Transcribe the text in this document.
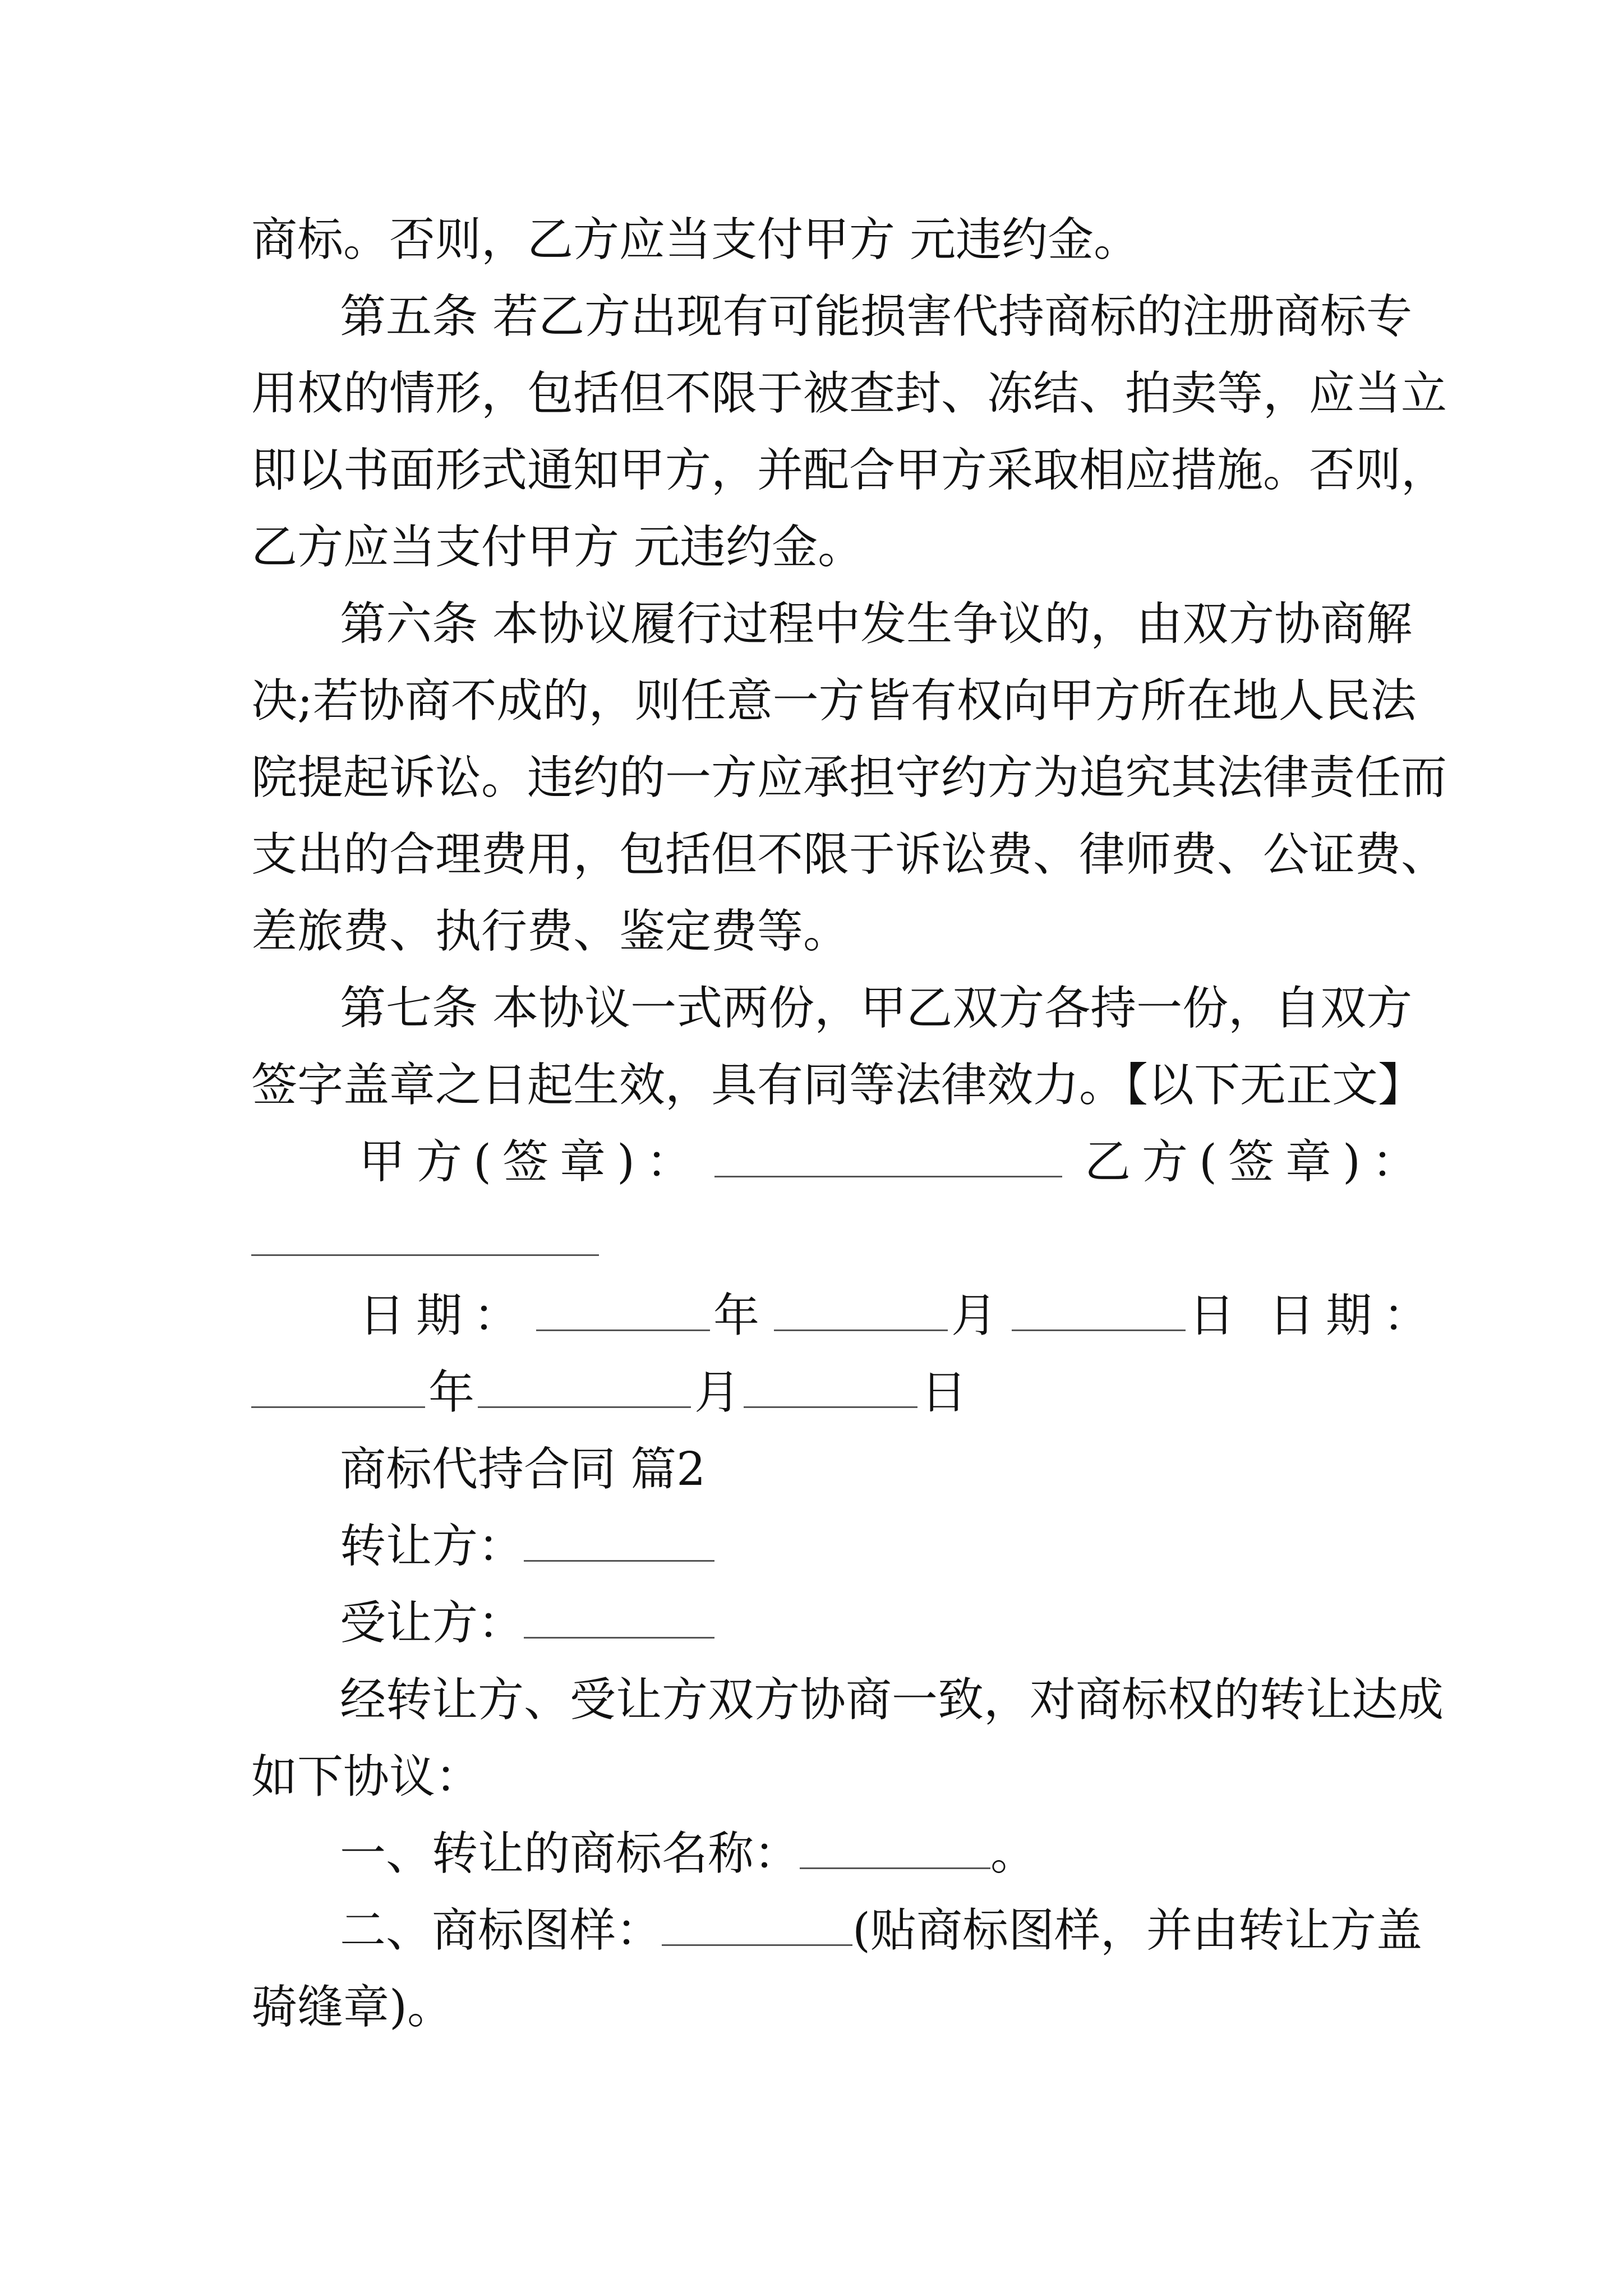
商标。否则，乙方应当支付甲方 元违约金。

第五条 若乙方出现有可能损害代持商标的注册商标专

用权的情形，包括但不限于被查封、冻结、拍卖等，应当立

即以书面形式通知甲方，并配合甲方采取相应措施。否则，

乙方应当支付甲方 元违约金。

第六条 本协议履行过程中发生争议的，由双方协商解

决;若协商不成的，则任意一方皆有权向甲方所在地人民法

院提起诉讼。违约的一方应承担守约方为追究其法律责任而

支出的合理费用，包括但不限于诉讼费、律师费、公证费、

差旅费、执行费、鉴定费等。

第七条 本协议一式两份，甲乙双方各持一份，自双方

签字盖章之日起生效，具有同等法律效力。【以下无正文】

甲方(签章)：	乙方(签章)：

日期：	年	月	日 日期：

年	月	日

商标代持合同 篇2

转让方：

受让方：

经转让方、受让方双方协商一致，对商标权的转让达成

如下协议：

一、转让的商标名称：	。

二、商标图样：	(贴商标图样，并由转让方盖

骑缝章)。
